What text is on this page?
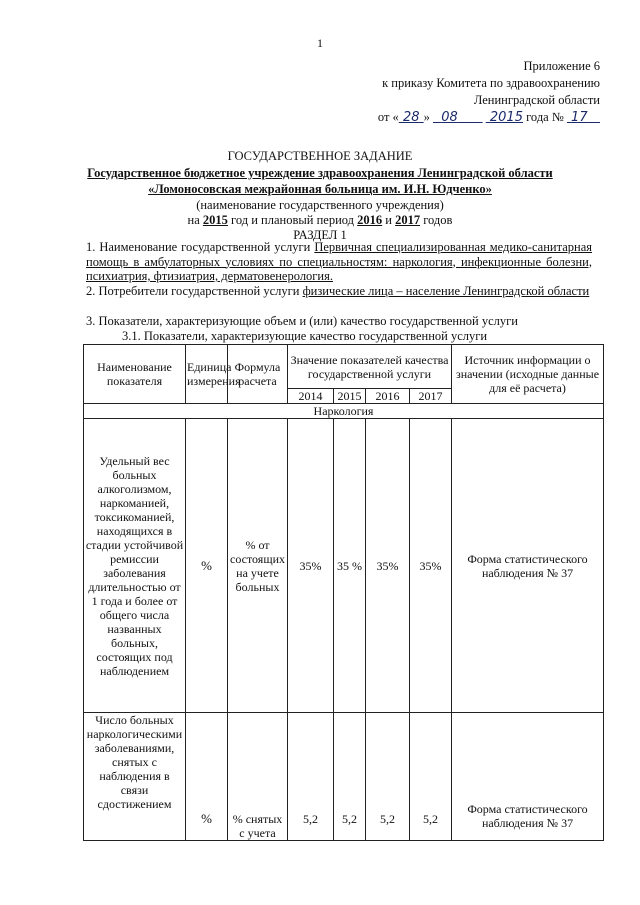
1
Приложение 6
к приказу Комитета по здравоохранению
Ленинградской области
от « 28 » 08 2015 года № 17
ГОСУДАРСТВЕННОЕ ЗАДАНИЕ
Государственное бюджетное учреждение здравоохранения Ленинградской области
«Ломоносовская межрайонная больница им. И.Н. Юдченко»
(наименование государственного учреждения)
на 2015 год и плановый период 2016 и 2017 годов
РАЗДЕЛ 1
1. Наименование государственной услуги Первичная специализированная медико-санитарная помощь в амбулаторных условиях по специальностям: наркология, инфекционные болезни, психиатрия, фтизиатрия, дерматовенерология.
2. Потребители государственной услуги физические лица – население Ленинградской области
3. Показатели, характеризующие объем и (или) качество государственной услуги
3.1. Показатели, характеризующие качество государственной услуги
Наименование показателя	Единица измерения	Формула расчета	Значение показателей качества государственной услуги				Источник информации о значении (исходные данные для её расчета)
			2014	2015	2016	2017	
Наркология							
Удельный вес больных алкоголизмом, наркоманией, токсикоманией, находящихся в стадии устойчивой ремиссии заболевания длительностью от 1 года и более от общего числа названных больных, состоящих под наблюдением	%	% от состоящих на учете больных	35%	35 %	35%	35%	Форма статистического наблюдения № 37
Число больных наркологическими заболеваниями, снятых с наблюдения в связи сдостижением	%	% снятых с учета	5,2	5,2	5,2	5,2	Форма статистического наблюдения № 37
